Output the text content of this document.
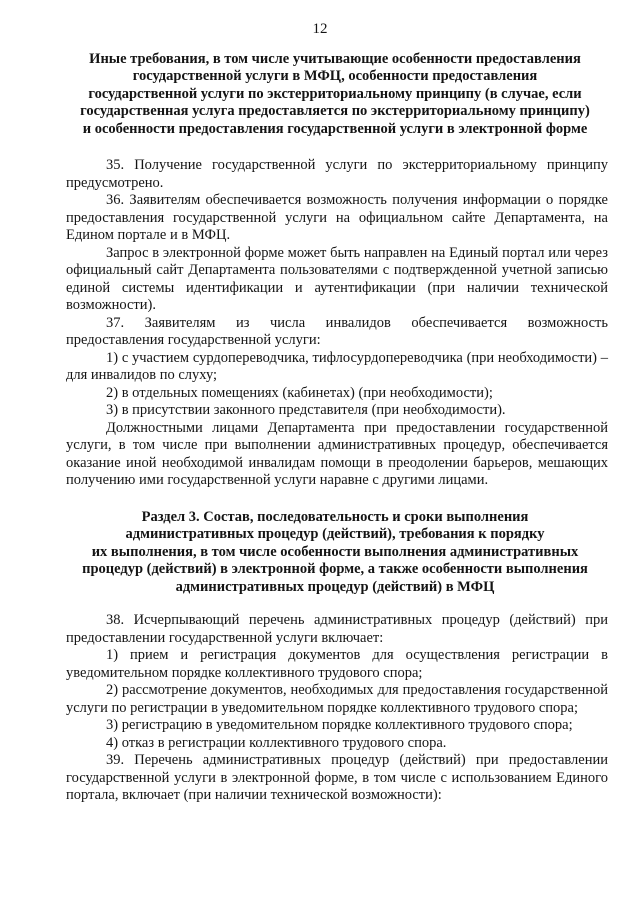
12
Иные требования, в том числе учитывающие особенности предоставления
государственной услуги в МФЦ, особенности предоставления
государственной услуги по экстерриториальному принципу (в случае, если
государственная услуга предоставляется по экстерриториальному принципу)
и особенности предоставления государственной услуги в электронной форме

35. Получение государственной услуги по экстерриториальному принципу предусмотрено.

36. Заявителям обеспечивается возможность получения информации о порядке предоставления государственной услуги на официальном сайте Департамента, на Едином портале и в МФЦ.

Запрос в электронной форме может быть направлен на Единый портал или через официальный сайт Департамента пользователями с подтвержденной учетной записью единой системы идентификации и аутентификации (при наличии технической возможности).

37. Заявителям из числа инвалидов обеспечивается возможность предоставления государственной услуги:

1) с участием сурдопереводчика, тифлосурдопереводчика (при необходимости) – для инвалидов по слуху;

2) в отдельных помещениях (кабинетах) (при необходимости);

3) в присутствии законного представителя (при необходимости).

Должностными лицами Департамента при предоставлении государственной услуги, в том числе при выполнении административных процедур, обеспечивается оказание иной необходимой инвалидам помощи в преодолении барьеров, мешающих получению ими государственной услуги наравне с другими лицами.

Раздел 3. Состав, последовательность и сроки выполнения
административных процедур (действий), требования к порядку
их выполнения, в том числе особенности выполнения административных
процедур (действий) в электронной форме, а также особенности выполнения
административных процедур (действий) в МФЦ

38. Исчерпывающий перечень административных процедур (действий) при предоставлении государственной услуги включает:

1) прием и регистрация документов для осуществления регистрации в уведомительном порядке коллективного трудового спора;

2) рассмотрение документов, необходимых для предоставления государственной услуги по регистрации в уведомительном порядке коллективного трудового спора;

3) регистрацию в уведомительном порядке коллективного трудового спора;

4) отказ в регистрации коллективного трудового спора.

39. Перечень административных процедур (действий) при предоставлении государственной услуги в электронной форме, в том числе с использованием Единого портала, включает (при наличии технической возможности):
